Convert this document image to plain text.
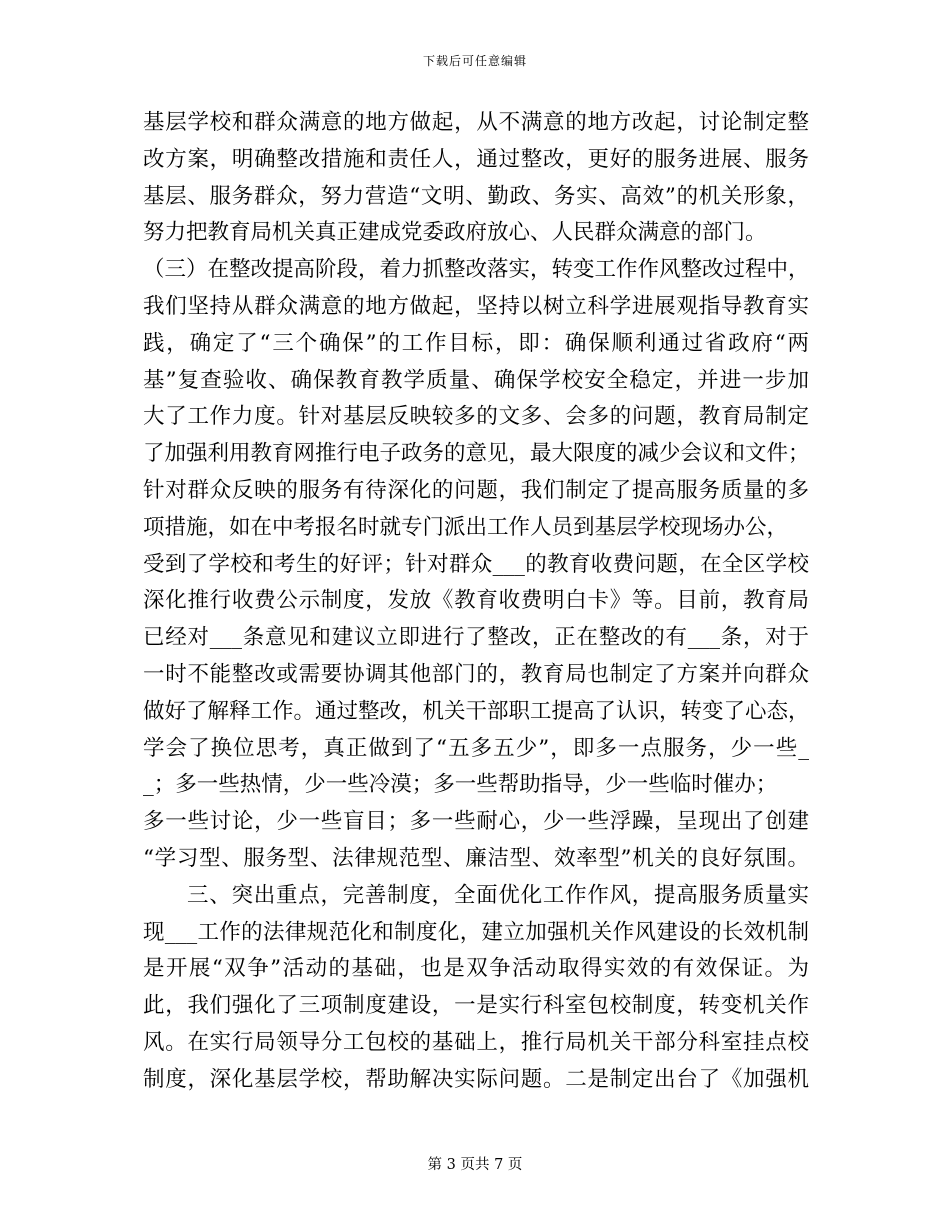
下载后可任意编辑
基层学校和群众满意的地方做起，从不满意的地方改起，讨论制定整
改方案，明确整改措施和责任人，通过整改，更好的服务进展、服务
基层、服务群众，努力营造“文明、勤政、务实、高效”的机关形象，
努力把教育局机关真正建成党委政府放心、人民群众满意的部门。
（三）在整改提高阶段，着力抓整改落实，转变工作作风整改过程中，
我们坚持从群众满意的地方做起，坚持以树立科学进展观指导教育实
践，确定了“三个确保”的工作目标，即：确保顺利通过省政府“两
基”复查验收、确保教育教学质量、确保学校安全稳定，并进一步加
大了工作力度。针对基层反映较多的文多、会多的问题，教育局制定
了加强利用教育网推行电子政务的意见，最大限度的减少会议和文件；
针对群众反映的服务有待深化的问题，我们制定了提高服务质量的多
项措施，如在中考报名时就专门派出工作人员到基层学校现场办公，
受到了学校和考生的好评；针对群众___的教育收费问题，在全区学校
深化推行收费公示制度，发放《教育收费明白卡》等。目前，教育局
已经对___条意见和建议立即进行了整改，正在整改的有___条，对于
一时不能整改或需要协调其他部门的，教育局也制定了方案并向群众
做好了解释工作。通过整改，机关干部职工提高了认识，转变了心态，
学会了换位思考，真正做到了“五多五少”，即多一点服务，少一些_
_；多一些热情，少一些冷漠；多一些帮助指导，少一些临时催办；
多一些讨论，少一些盲目；多一些耐心，少一些浮躁，呈现出了创建
“学习型、服务型、法律规范型、廉洁型、效率型”机关的良好氛围。
三、突出重点，完善制度，全面优化工作作风，提高服务质量实
现___工作的法律规范化和制度化，建立加强机关作风建设的长效机制
是开展“双争”活动的基础，也是双争活动取得实效的有效保证。为
此，我们强化了三项制度建设，一是实行科室包校制度，转变机关作
风。在实行局领导分工包校的基础上，推行局机关干部分科室挂点校
制度，深化基层学校，帮助解决实际问题。二是制定出台了《加强机
第 3 页共 7 页
